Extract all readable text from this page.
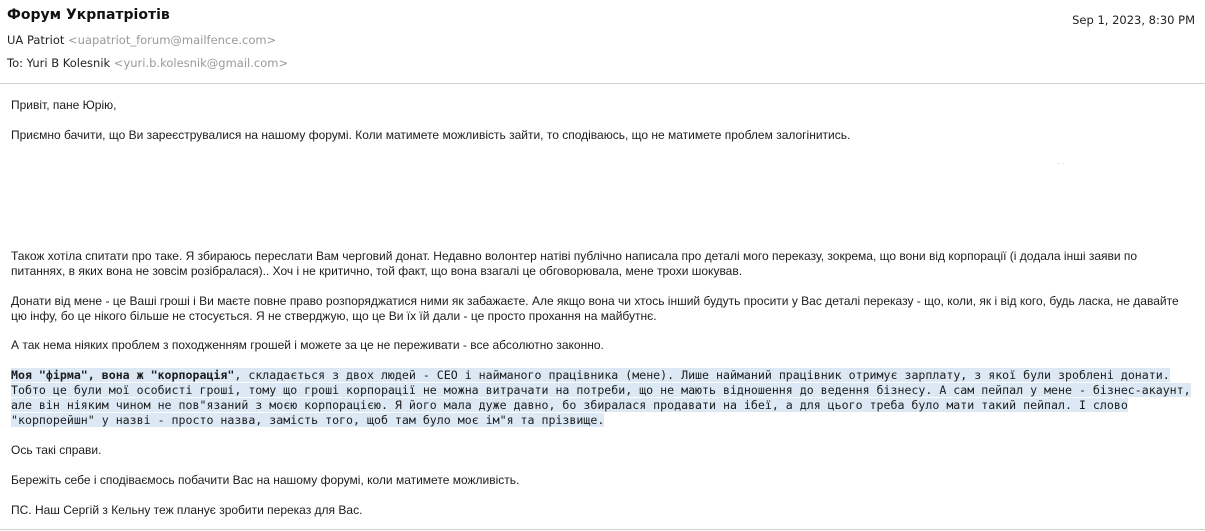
Форум Укрпатріотів	Sep 1, 2023, 8:30 PM
UA Patriot <uapatriot_forum@mailfence.com>
To: Yuri B Kolesnik <yuri.b.kolesnik@gmail.com>

Привіт, пане Юрію,

Приємно бачити, що Ви зареєструвалися на нашому форумі. Коли матимете можливість зайти, то сподіваюсь, що не матимете проблем залогінитись.

· ·

Також хотіла спитати про таке. Я збираюсь переслати Вам черговий донат. Недавно волонтер натіві публічно написала про деталі мого переказу, зокрема, що вони від корпорації (і додала інші заяви по питаннях, в яких вона не зовсім розібралася).. Хоч і не критично, той факт, що вона взагалі це обговорювала, мене трохи шокував.

Донати від мене - це Ваші гроші і Ви маєте повне право розпоряджатися ними як забажаєте. Але якщо вона чи хтось інший будуть просити у Вас деталі переказу - що, коли, як і від кого, будь ласка, не давайте цю інфу, бо це нікого більше не стосується. Я не стверджую, що це Ви їх їй дали - це просто прохання на майбутнє.

А так нема ніяких проблем з походженням грошей і можете за це не переживати - все абсолютно законно.

Моя "фірма", вона ж "корпорація", складається з двох людей - CEO і найманого працівника (мене). Лише найманий працівник отримує зарплату, з якої були зроблені донати. Тобто це були мої особисті гроші, тому що гроші корпорації не можна витрачати на потреби, що не мають відношення до ведення бізнесу. А сам пейпал у мене - бізнес-акаунт, але він ніяким чином не пов"язаний з моєю корпорацією. Я його мала дуже давно, бо збиралася продавати на ібеї, а для цього треба було мати такий пейпал. І слово "корпорейшн" у назві - просто назва, замість того, щоб там було моє ім"я та прізвище.

Ось такі справи.

Бережіть себе і сподіваємось побачити Вас на нашому форумі, коли матимете можливість.

ПС. Наш Сергій з Кельну теж планує зробити переказ для Вас.
